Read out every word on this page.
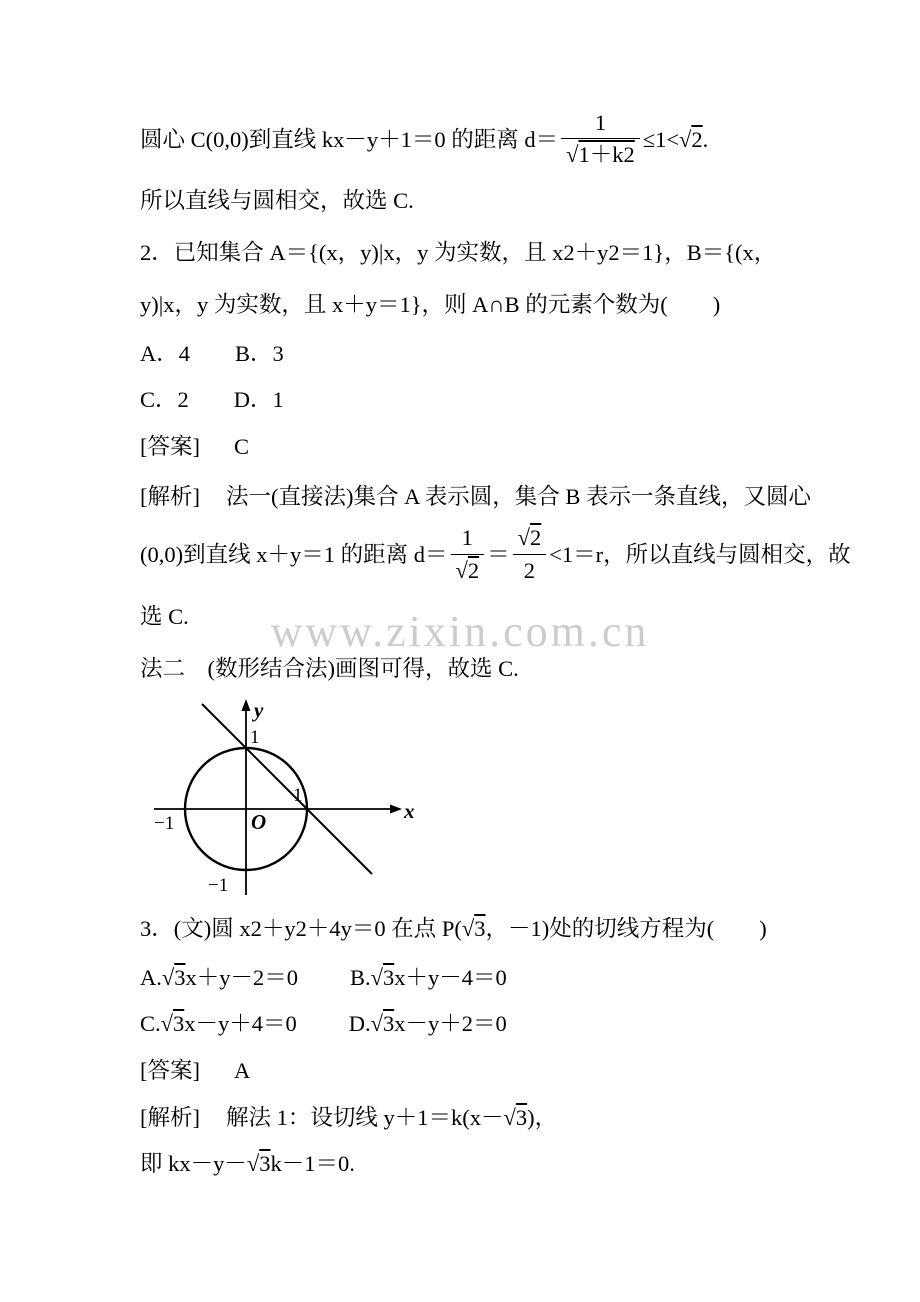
www.zixin.com.cn
圆心 C(0,0)到直线 kx－y＋1＝0 的距离 $d= \frac{1}{√1+k2} \le 1<√2$.
所以直线与圆相交，故选 C.
2．已知集合 A＝{(x，y)|x，y 为实数，且 x2＋y2＝1}，B＝{(x，
y)|x，y 为实数，且 x＋y＝1}，则 A∩B 的元素个数为(　　)
A．4　　B．3
C．2　　D．1
[答案] C
[解析] 法一(直接法)集合 A 表示圆，集合 B 表示一条直线，又圆心
(0,0)到直线 x＋y＝1 的距离 $d= \frac{1}{√2} = \frac{√2}{2} <1=r$，所以直线与圆相交，故
选 C.
法二　(数形结合法)画图可得，故选 C.
y
x
O
1
1
−1
−1
3．(文)圆 x2＋y2＋4y＝0 在点 P(√3，－1)处的切线方程为(　　)
A.√3x＋y－2＝0 B.√3x＋y－4＝0
C.√3x－y＋4＝0 D.√3x－y＋2＝0
[答案] A
[解析] 解法 1：设切线 y＋1＝k(x－√3)，
即 kx－y－√3k－1＝0.
